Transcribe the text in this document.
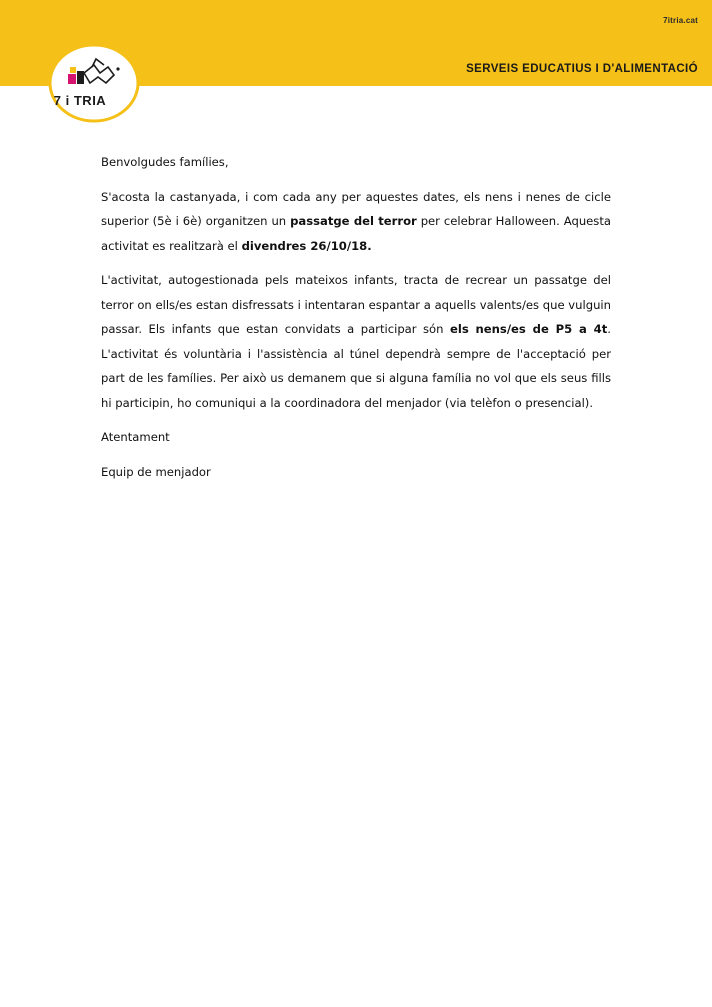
7itria.cat
SERVEIS EDUCATIUS I D'ALIMENTACIÓ
7 i TRIA

Benvolgudes famílies,

S'acosta la castanyada, i com cada any per aquestes dates, els nens i nenes de cicle superior (5è i 6è) organitzen un passatge del terror per celebrar Halloween. Aquesta activitat es realitzarà el divendres 26/10/18.

L'activitat, autogestionada pels mateixos infants, tracta de recrear un passatge del terror on ells/es estan disfressats i intentaran espantar a aquells valents/es que vulguin passar. Els infants que estan convidats a participar són els nens/es de P5 a 4t. L'activitat és voluntària i l'assistència al túnel dependrà sempre de l'acceptació per part de les famílies. Per això us demanem que si alguna família no vol que els seus fills hi participin, ho comuniqui a la coordinadora del menjador (via telèfon o presencial).

Atentament

Equip de menjador
